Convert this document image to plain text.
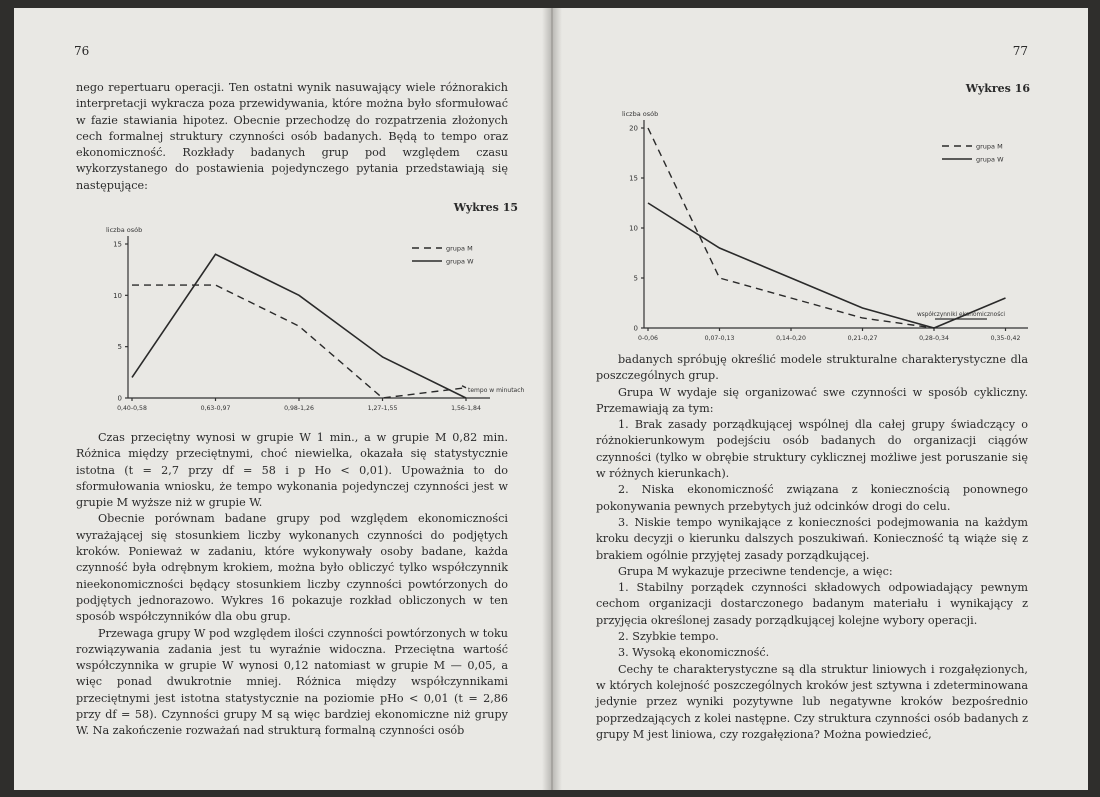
76

nego repertuaru operacji. Ten ostatni wynik nasuwający wiele różnorakich interpretacji wykracza poza przewidywania, które można było sformułować w fazie stawiania hipotez. Obecnie przechodzę do rozpatrzenia złożonych cech formalnej struktury czynności osób badanych. Będą to tempo oraz ekonomiczność. Rozkłady badanych grup pod względem czasu wykorzystanego do postawienia pojedynczego pytania przedstawiają się następujące:

Wykres 15
liczba osób
0
5
10
15
0,40-0,58	0,63-0,97	0,98-1,26	1,27-1,55	1,56-1,84
tempo w minutach
grupa M
grupa W

Czas przeciętny wynosi w grupie W 1 min., a w grupie M 0,82 min. Różnica między przeciętnymi, choć niewielka, okazała się statystycznie istotna (t = 2,7 przy df = 58 i p Ho < 0,01). Upoważnia to do sformułowania wniosku, że tempo wykonania pojedynczej czynności jest w grupie M wyższe niż w grupie W.

Obecnie porównam badane grupy pod względem ekonomiczności wyrażającej się stosunkiem liczby wykonanych czynności do podjętych kroków. Ponieważ w zadaniu, które wykonywały osoby badane, każda czynność była odrębnym krokiem, można było obliczyć tylko współczynnik nieekonomiczności będący stosunkiem liczby czynności powtórzonych do podjętych jednorazowo. Wykres 16 pokazuje rozkład obliczonych w ten sposób współczynników dla obu grup.

Przewaga grupy W pod względem ilości czynności powtórzonych w toku rozwiązywania zadania jest tu wyraźnie widoczna. Przeciętna wartość współczynnika w grupie W wynosi 0,12 natomiast w grupie M — 0,05, a więc ponad dwukrotnie mniej. Różnica między współczynnikami przeciętnymi jest istotna statystycznie na poziomie pHo < 0,01 (t = 2,86 przy df = 58). Czynności grupy M są więc bardziej ekonomiczne niż grupy W. Na zakończenie rozważań nad strukturą formalną czynności osób

77
Wykres 16
liczba osób
0
5
10
15
20
0-0,06	0,07-0,13	0,14-0,20	0,21-0,27	0,28-0,34	0,35-0,42
współczynniki ekonomiczności
grupa M
grupa W

badanych spróbuję określić modele strukturalne charakterystyczne dla poszczególnych grup.

Grupa W wydaje się organizować swe czynności w sposób cykliczny. Przemawiają za tym:

1. Brak zasady porządkującej wspólnej dla całej grupy świadczący o różnokierunkowym podejściu osób badanych do organizacji ciągów czynności (tylko w obrębie struktury cyklicznej możliwe jest poruszanie się w różnych kierunkach).

2. Niska ekonomiczność związana z koniecznością ponownego pokonywania pewnych przebytych już odcinków drogi do celu.

3. Niskie tempo wynikające z konieczności podejmowania na każdym kroku decyzji o kierunku dalszych poszukiwań. Konieczność tą wiąże się z brakiem ogólnie przyjętej zasady porządkującej.

Grupa M wykazuje przeciwne tendencje, a więc:

1. Stabilny porządek czynności składowych odpowiadający pewnym cechom organizacji dostarczonego badanym materiału i wynikający z przyjęcia określonej zasady porządkującej kolejne wybory operacji.

2. Szybkie tempo.

3. Wysoką ekonomiczność.

Cechy te charakterystyczne są dla struktur liniowych i rozgałęzionych, w których kolejność poszczególnych kroków jest sztywna i zdeterminowana jedynie przez wyniki pozytywne lub negatywne kroków bezpośrednio poprzedzających z kolei następne. Czy struktura czynności osób badanych z grupy M jest liniowa, czy rozgałęziona? Można powiedzieć,
